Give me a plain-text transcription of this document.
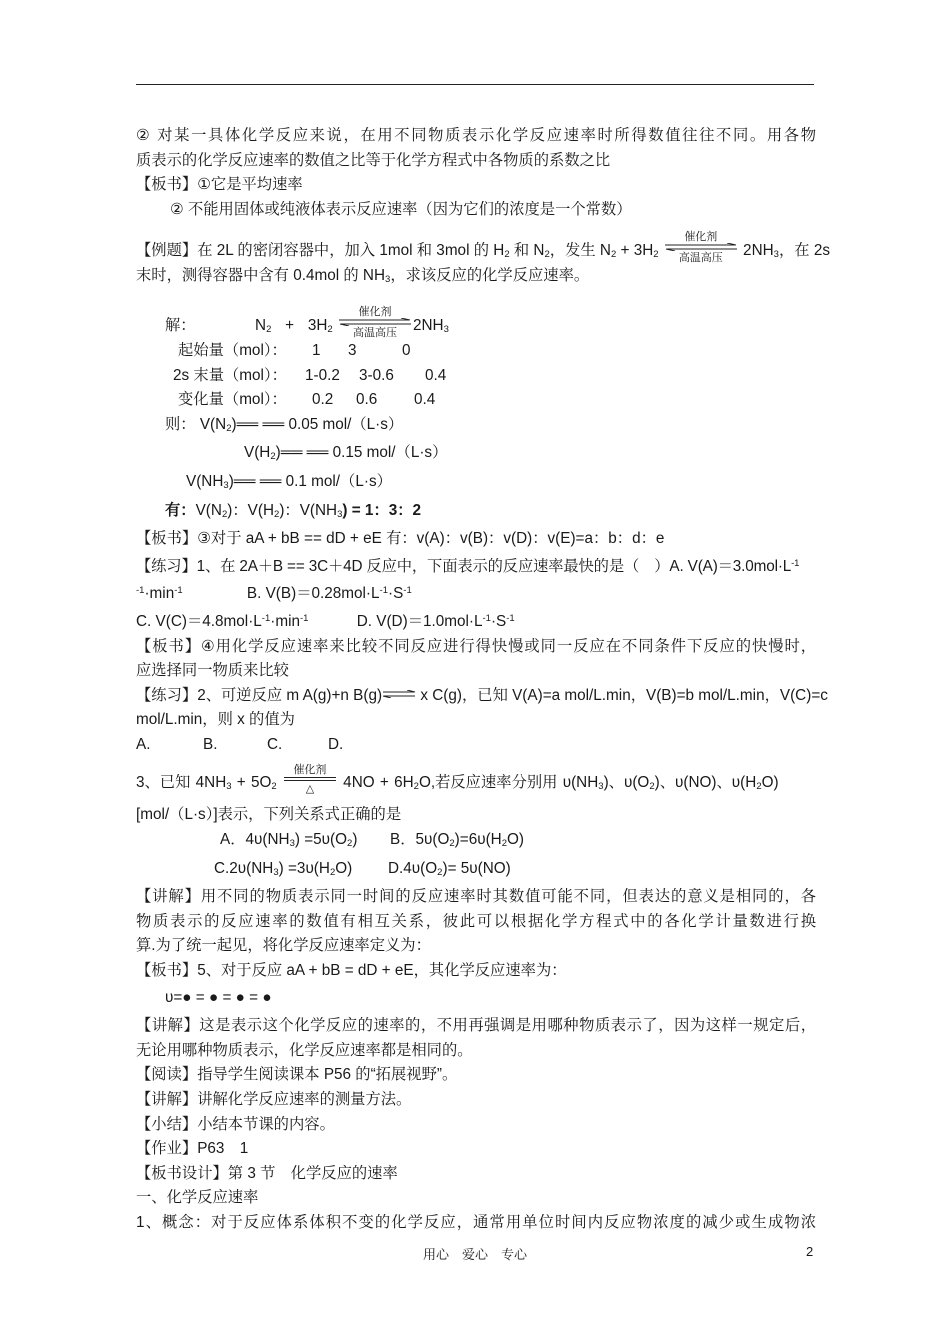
② 对某一具体化学反应来说，在用不同物质表示化学反应速率时所得数值往往不同。用各物
质表示的化学反应速率的数值之比等于化学方程式中各物质的系数之比
【板书】①它是平均速率
② 不能用固体或纯液体表示反应速率（因为它们的浓度是一个常数）
【例题】在 2L 的密闭容器中，加入 1mol 和 3mol 的 $H_2$ 和 $N_2$，发生 $N_2 + 3H_2$
催化剂
高温高压	$2NH_3$，在 2s
末时，测得容器中含有 0.4mol 的 $NH_3$，求该反应的化学反应速率。
解：	$N_2 + 3H_2$
催化剂
高温高压	$2NH_3$
起始量（mol）： 1 3	0
2s 末量（mol）： 1-0.2 3-0.6 0.4
变化量（mol）： 0.2 0.6 0.4
则： $V(N_2)══$ ══ 0.05 mol/（L·s）
$V(H_2)══$ ══ 0.15 mol/（L·s）
$V(NH_3)══$ ══ 0.1 mol/（L·s）
有：$V(N_2)$：$V(H_2)$：$V(NH_3) = 1$：3：2
【板书】③对于 aA + bB == dD + eE 有：v(A)：v(B)：v(D)：v(E)=a：b：d：e
【练习】1、在 2A＋B == 3C＋4D 反应中，下面表示的反应速率最快的是（　）A. $V(A)=3.0mol\cdot L^{-1}$
$^{-1}\cdot\min^{-1}$	B. $V(B)=0.28mol\cdot L^{-1}\cdot S^{-1}$
C. $V(C)=4.8mol\cdot L^{-1}\cdot\min^{-1}$	D. $V(D)=1.0mol\cdot L^{-1}\cdot S^{-1}$
【板书】④用化学反应速率来比较不同反应进行得快慢或同一反应在不同条件下反应的快慢时，
应选择同一物质来比较
【练习】2、可逆反应 m A(g)+n B(g)⇌ x C(g)，已知 V(A)=a mol/L.min，V(B)=b mol/L.min，V(C)=c
mol/L.min，则 x 的值为
A.	B.	C.	D.
3、已知 $4NH_3 + 5O_2$
催化剂
△	$4NO + 6H_2O$,若反应速率分别用 $\upsilon(NH_3)$、$\upsilon(O_2)$、υ(NO)、$\upsilon(H_2O)$
[mol/（L·s）]表示，下列关系式正确的是
A．$4\upsilon(NH_3) =5\upsilon(O_2)$ B．$5\upsilon(O_2)=6\upsilon(H_2O)$
$C.2\upsilon(NH_3) =3\upsilon(H_2O)$ $D.4\upsilon(O_2)= 5\upsilon(NO)$
【讲解】用不同的物质表示同一时间的反应速率时其数值可能不同，但表达的意义是相同的，各
物质表示的反应速率的数值有相互关系，彼此可以根据化学方程式中的各化学计量数进行换
算.为了统一起见，将化学反应速率定义为：
【板书】5、对于反应 aA + bB = dD + eE，其化学反应速率为：
υ=● = ● = ● = ●
【讲解】这是表示这个化学反应的速率的，不用再强调是用哪种物质表示了，因为这样一规定后，
无论用哪种物质表示，化学反应速率都是相同的。
【阅读】指导学生阅读课本 P56 的“拓展视野”。
【讲解】讲解化学反应速率的测量方法。
【小结】小结本节课的内容。
【作业】P63　1
【板书设计】第 3 节　化学反应的速率
一、化学反应速率
1、概念：对于反应体系体积不变的化学反应，通常用单位时间内反应物浓度的减少或生成物浓
用心　爱心　专心	2
